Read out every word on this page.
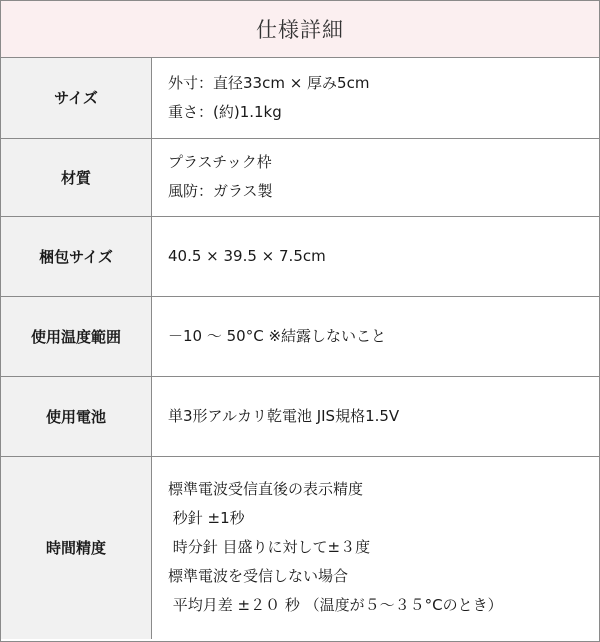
仕様詳細
サイズ	外寸：直径33cm × 厚み5cm
重さ：(約)1.1kg

材質	プラスチック枠
風防：ガラス製

梱包サイズ	40.5 × 39.5 × 7.5cm

使用温度範囲	－10 ～ 50°C ※結露しないこと

使用電池	単3形アルカリ乾電池 JIS規格1.5V

時間精度	標準電波受信直後の表示精度
秒針 ±1秒
時分針 目盛りに対して±３度
標準電波を受信しない場合
平均月差 ±２０ 秒 （温度が５～３５°Cのとき）
